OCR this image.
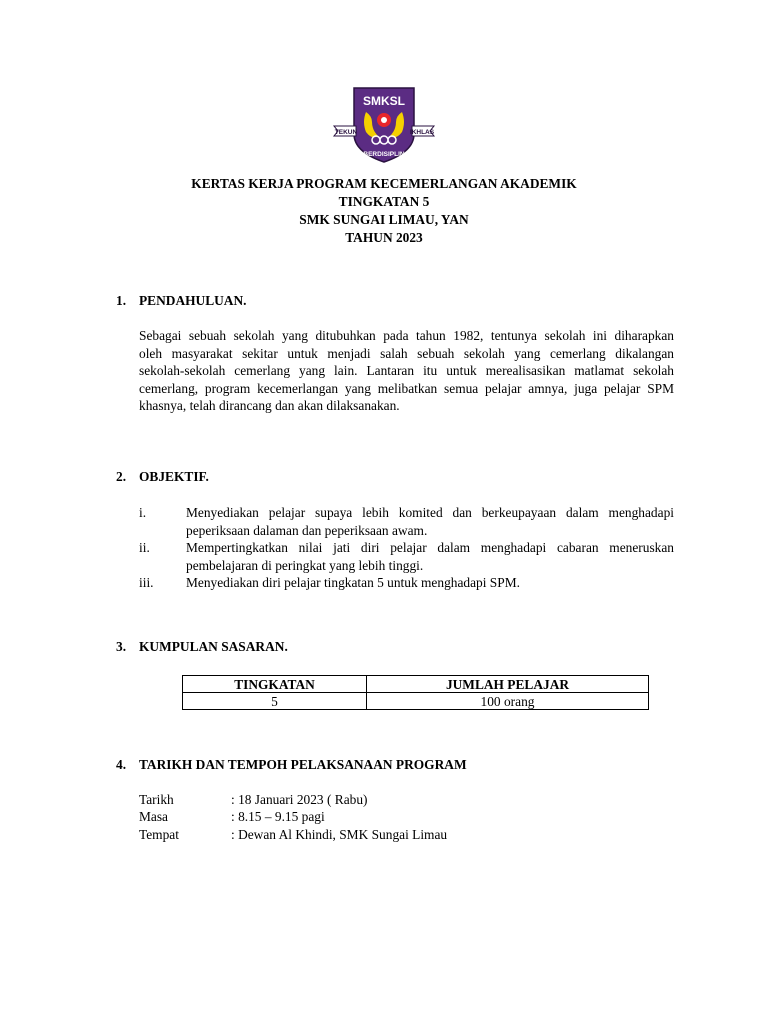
SMKSL
TEKUN	IKHLAS
BERDISIPLIN
KERTAS KERJA PROGRAM KECEMERLANGAN AKADEMIK
TINGKATAN 5
SMK SUNGAI LIMAU, YAN
TAHUN 2023
1. PENDAHULUAN.
Sebagai sebuah sekolah yang ditubuhkan pada tahun 1982, tentunya sekolah ini diharapkan
oleh masyarakat sekitar untuk menjadi salah sebuah sekolah yang cemerlang dikalangan
sekolah-sekolah cemerlang yang lain. Lantaran itu untuk merealisasikan matlamat sekolah
cemerlang, program kecemerlangan yang melibatkan semua pelajar amnya, juga pelajar SPM
khasnya, telah dirancang dan akan dilaksanakan.
2. OBJEKTIF.
i.	Menyediakan pelajar supaya lebih komited dan berkeupayaan dalam menghadapi
peperiksaan dalaman dan peperiksaan awam.
ii.	Mempertingkatkan nilai jati diri pelajar dalam menghadapi cabaran meneruskan
pembelajaran di peringkat yang lebih tinggi.
iii.	Menyediakan diri pelajar tingkatan 5 untuk menghadapi SPM.
3. KUMPULAN SASARAN.
TINGKATAN	JUMLAH PELAJAR
5	100 orang
4. TARIKH DAN TEMPOH PELAKSANAAN PROGRAM
Tarikh	: 18 Januari 2023 ( Rabu)
Masa	: 8.15 – 9.15 pagi
Tempat	: Dewan Al Khindi, SMK Sungai Limau
